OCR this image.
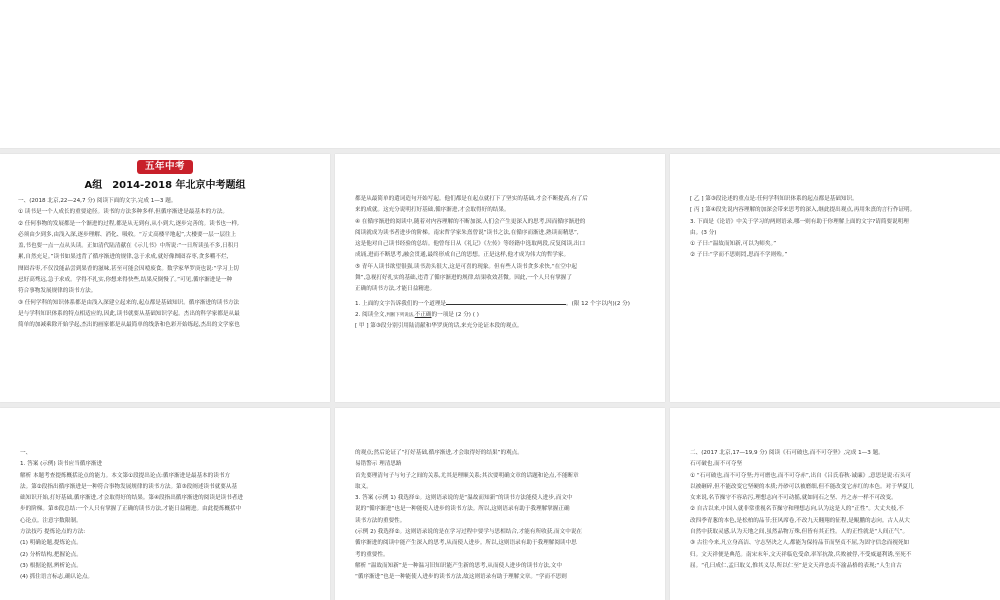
五年中考
A组 2014-2018 年北京中考题组

一、(2018 北京,22—24,7 分) 阅读下面的文字,完成 1—3 题。

① 读书是一个人成长的重要途径。读书的方法多种多样,但循序渐进是最基本的方法。

② 任何事物的发展都是一个渐进的过程,都是从无到有,从小到大,逐步完善的。读书也一样,

必须由少到多,由浅入深,逐步理解、消化、吸收。“万丈高楼平地起”,大楼要一层一层往上

盖,书也要一点一点从头读。正如清代陆清献在《示儿书》中所说:“一日所读虽不多,日积月

累,自然充足。”读书如果违背了循序渐进的规律,急于求成,就好像囫囵吞枣,贪多嚼不烂,

囫囵吞枣,不仅没能品尝到果香的滋味,甚至可能会因噎废食。数学家华罗庚也说:“学习上切

忌好高骛远,急于求成。学得不扎实,你想来得快些,结果反倒慢了。”可见,循序渐进是一种

符合事物发展规律的读书方法。

③ 任何学科的知识体系都是由浅入深建立起来的,起点都是基础知识。循序渐进的读书方法

是与学科知识体系的特点相适应的,因此,读书就要从基础知识学起。杰出的科学家都是从最

简单的加减乘除开始学起,杰出的画家都是从最简单的线条和色彩开始练起,杰出的文学家也

都是从最简单的遣词造句开始写起。他们都是在起点就打下了坚实的基础,才会不断提高,有了后

来的成就。这充分说明打好基础,循序渐进,才会取得好的结果。

④ 在循序渐进的阅读中,随着对内容理解的不断加深,人们会产生更深入的思考,因而循序渐进的

阅读就成为读书者进步的阶梯。南宋哲学家朱熹曾说“读书之法,在循序而渐进,熟读而精思”,

这是他对自己读书经验的总结。他曾每日从《礼记》《左传》等经籍中选取两段,反复阅读,出口

成诵,进而不断思考,融会贯通,最终形成自己的思想。正是这样,他才成为伟大的哲学家。

⑤ 青年人读书欲望很强,读书劲头很大,这是可喜的现象。但有些人读书贪多求快,“在空中起

舞”,急视打好扎实的基础,违背了循序渐进的规律,结果收效甚微。因此,一个人只有掌握了

正确的读书方法,才能日益精进。

1. 上面的文字告诉我们的一个道理是	。(限 12 个字以内)(2 分)

2. 阅读全文,判断下列说法,不正确的一项是 (2 分) ( )

[ 甲 ] 第③段分别引用陆清献和华罗庚的话,来充分论证本段的观点。

[ 乙 ] 第③段论述的重点是:任何学科知识体系的起点都是基础知识。

[ 丙 ] 第④段先说内容理解的加深会带来思考的深入,继此提出观点,再用朱熹的言行作证明。

3. 下面是《论语》中关于学习的两则语录,哪一则有助于你理解上面的文字?请简要说明理

由。(3 分)

① 子曰:“温故而知新,可以为师矣。”

② 子曰:“学而不思则罔,思而不学则殆。”

一、

1. 答案 (示例) 读书应当循序渐进

解析 本题考查提炼概括论点的能力。本文第①段提出论点:循序渐进是最基本的读书方

法。第②段指出循序渐进是一种符合事物发展规律的读书方法。第③段阐述读书就要从基

础知识开始,打好基础,循序渐进,才会取得好的结果。第④段指出循序渐进的阅读是读书者进

步的阶梯。第⑤段总结:一个人只有掌握了正确的读书方法,才能日益精进。由此提炼概括中

心论点。注意字数限制。

方法技巧 提炼论点的方法:

(1) 明确论题,提炼论点。

(2) 分析结构,把握论点。

(3) 根据论据,辨析论点。

(4) 抓住语言标志,确认论点。

的观点;然后论证了“打好基础,循序渐进,才会取得好的结果”的观点。

易错警示 理清思路

首先要理清句子与句子之间的关系,尤其是理顺关系;其次要明确文章的话题和论点,不能断章

取义。

3. 答案 (示例 1) 我选择①。这则语录说的是“温故而知新”的读书方法能使人进步,而文中

说的“循序渐进”也是一种能使人进步的读书方法。所以,这则语录有助于我理解掌握正确

读书方法的重要性。

(示例 2) 我选择②。这则语录说的是在学习过程中要学与思相结合,才能有所收获,而文中说在

循序渐进的阅读中能产生深入的思考,从而使人进步。所以,这则语录有助于我理解阅读中思

考的重要性。

解析 “温故而知新”是一种温习旧知识能产生新的思考,从而使人进步的读书方法,文中

“循序渐进”也是一种能使人进步的读书方法,故这则语录有助于理解文章。“学而不思则

二、(2017 北京,17—19,9 分) 阅读《石可破也,而不可夺坚》,完成 1—3 题。

石可破也,而不可夺坚

① “石可破也,而不可夺坚;丹可磨也,而不可夺赤”,出自《吕氏春秋·诚廉》,意思是说:石头可

以被砸碎,但不能改变它坚硬的本质;丹砂可以被磨细,但不能改变它赤红的本色。对于华夏儿

女来说,名节操守不容玷污,理想志向不可动摇,就如同石之坚、丹之赤一样不可改变。

② 自古以来,中国人就非常重视名节操守和理想志向,认为这是人的“正性”。大丈夫枝,不

改四季青葱的本色,是松柏的品节;狂风席卷,不改九天翱翔的征程,是鲲鹏的志向。古人从大

自然中获取灵感,认为天地之间,虽然品物万殊,但皆有其正性。人的正性就是“人间正气”。

③ 古往今来,凡立身高洁、守志坚决之人,都能为保持品节而坚贞不屈,为固守信念而视死如

归。文天祥便是典范。南宋末年,文天祥临危受命,率军抗敌,兵败被俘,不受威逼利诱,至死不

屈。“孔曰成仁,孟曰取义,惟其义尽,所以仁至”是文天祥忠贞不渝品格的表现;“人生自古
